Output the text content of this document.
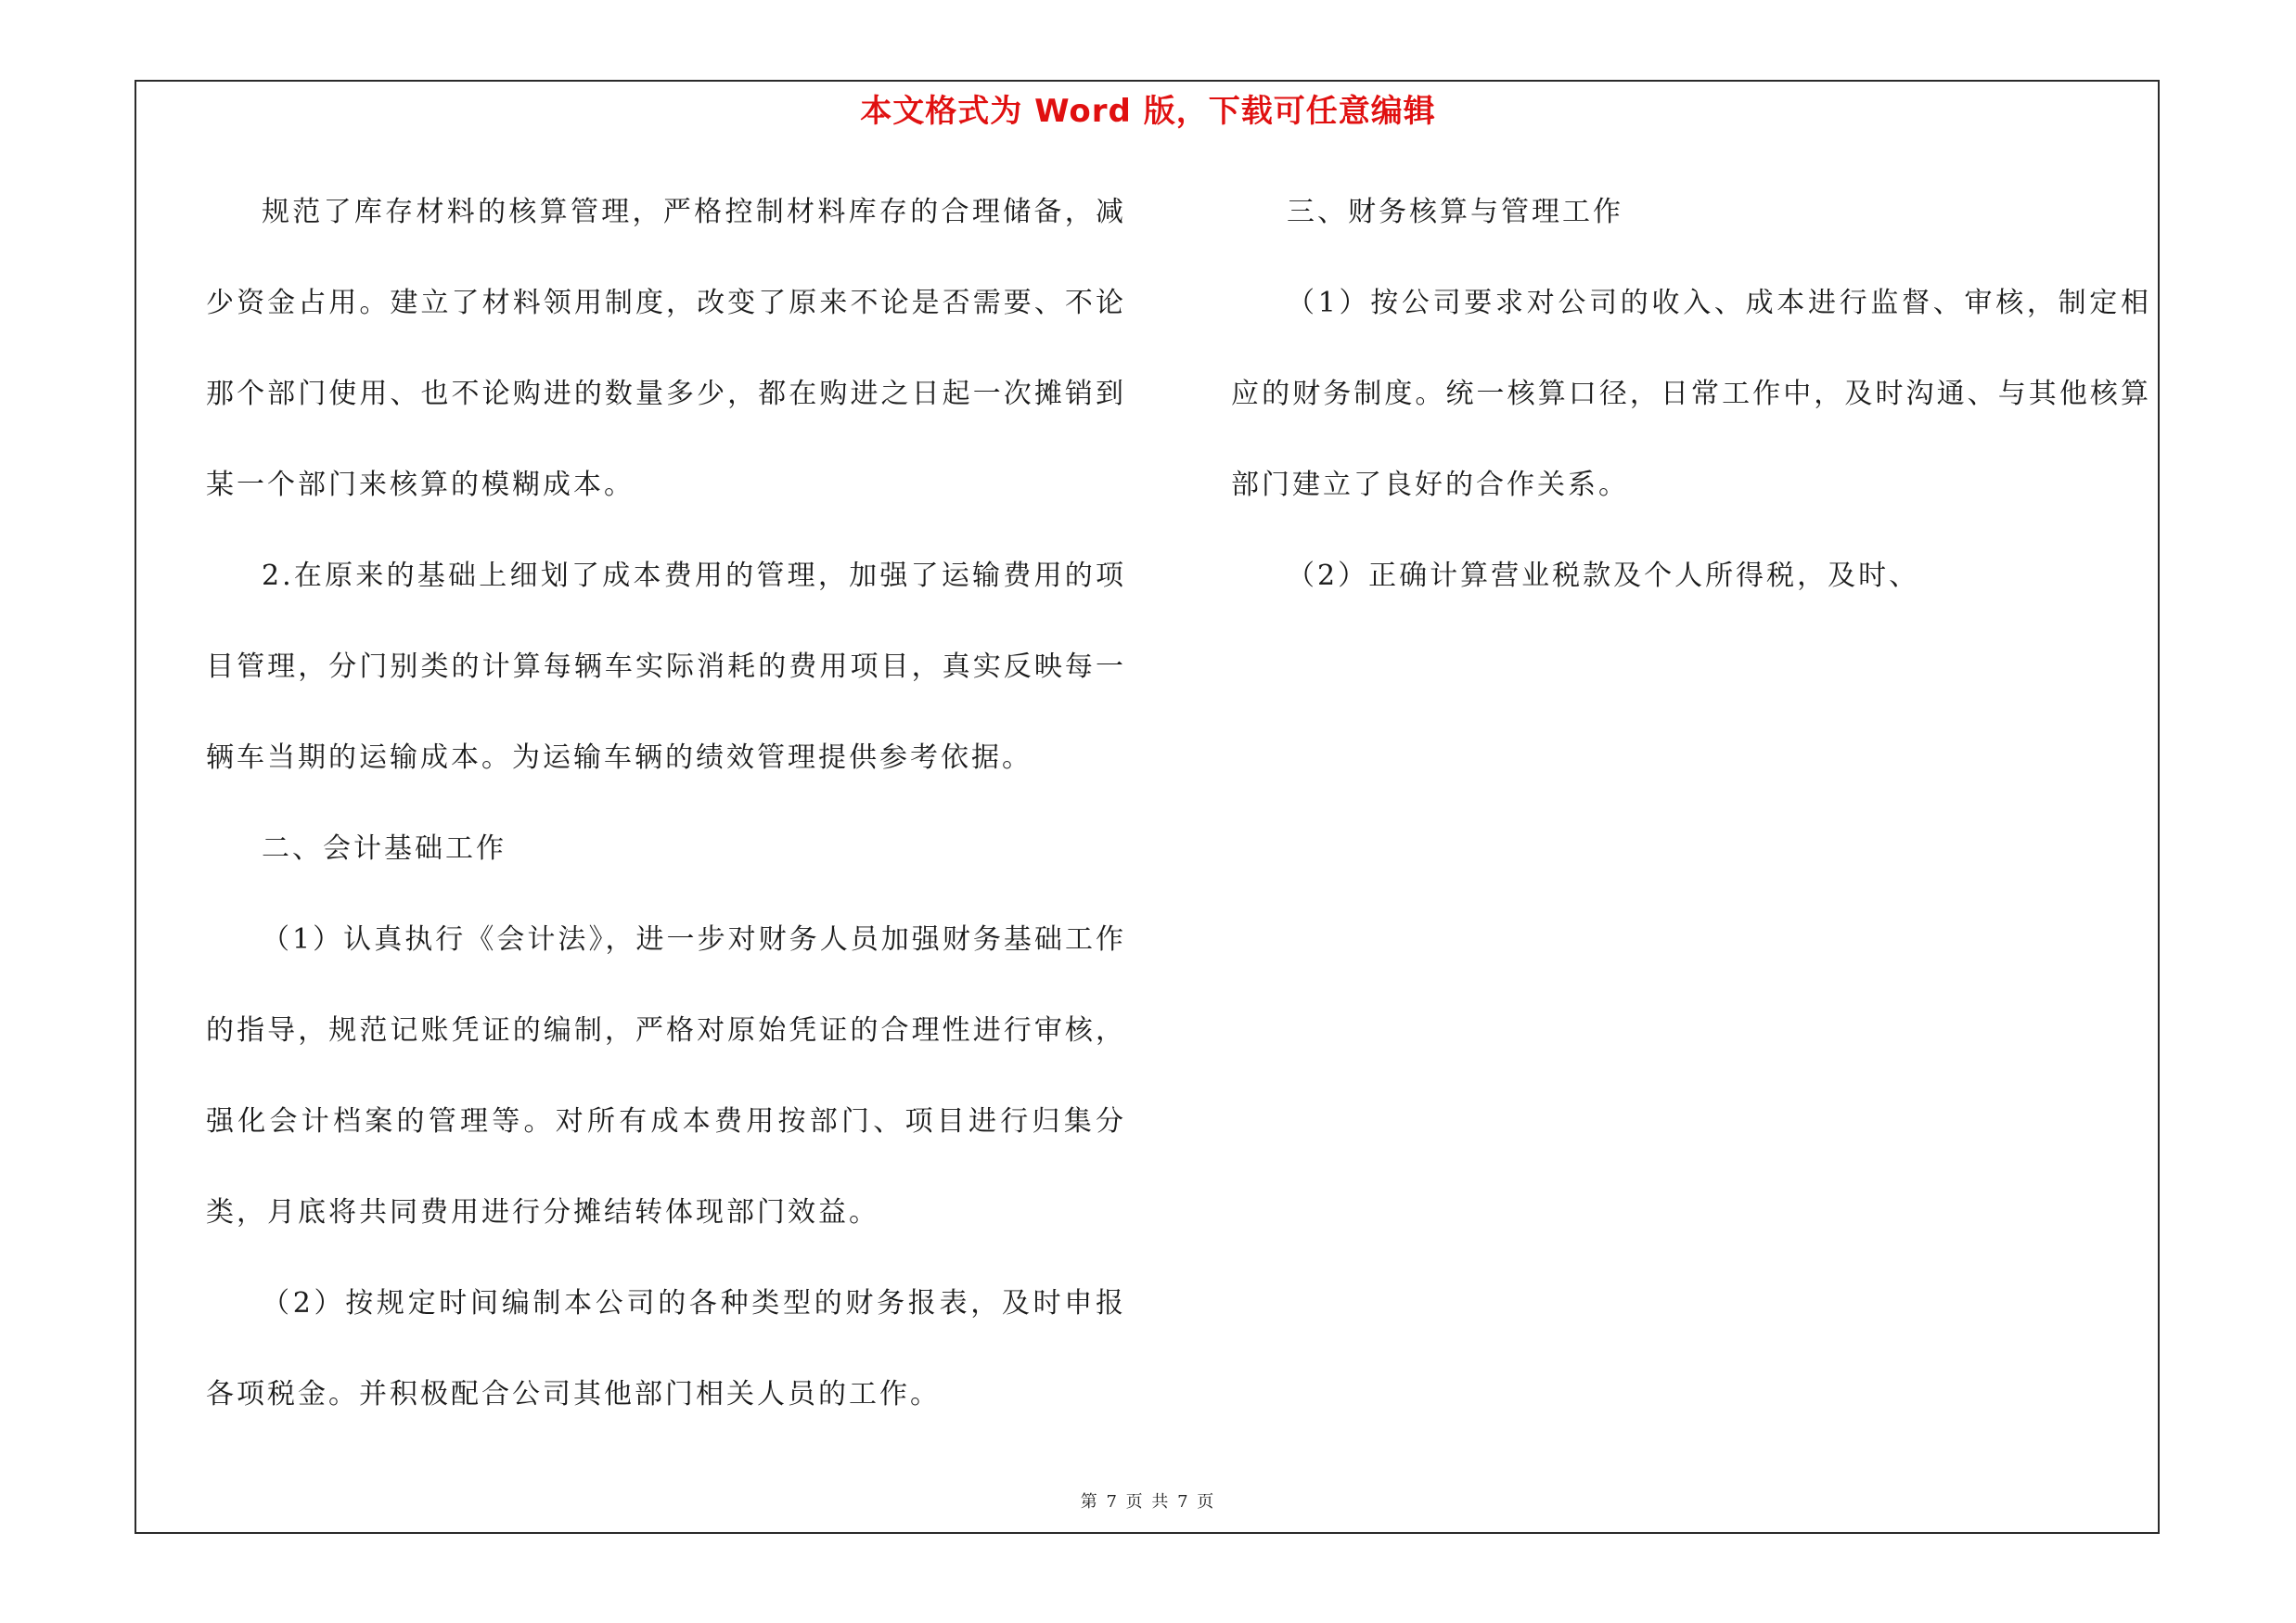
本文格式为 Word 版，下载可任意编辑

规范了库存材料的核算管理，严格控制材料库存的合理储备，减少资金占用。建立了材料领用制度，改变了原来不论是否需要、不论那个部门使用、也不论购进的数量多少，都在购进之日起一次摊销到某一个部门来核算的模糊成本。

2.在原来的基础上细划了成本费用的管理，加强了运输费用的项目管理，分门别类的计算每辆车实际消耗的费用项目，真实反映每一辆车当期的运输成本。为运输车辆的绩效管理提供参考依据。

二、会计基础工作

（1）认真执行《会计法》，进一步对财务人员加强财务基础工作的指导，规范记账凭证的编制，严格对原始凭证的合理性进行审核，强化会计档案的管理等。对所有成本费用按部门、项目进行归集分类，月底将共同费用进行分摊结转体现部门效益。

（2）按规定时间编制本公司的各种类型的财务报表，及时申报各项税金。并积极配合公司其他部门相关人员的工作。

三、财务核算与管理工作

（1）按公司要求对公司的收入、成本进行监督、审核，制定相应的财务制度。统一核算口径，日常工作中，及时沟通、与其他核算部门建立了良好的合作关系。

（2）正确计算营业税款及个人所得税，及时、

第 7 页 共 7 页
